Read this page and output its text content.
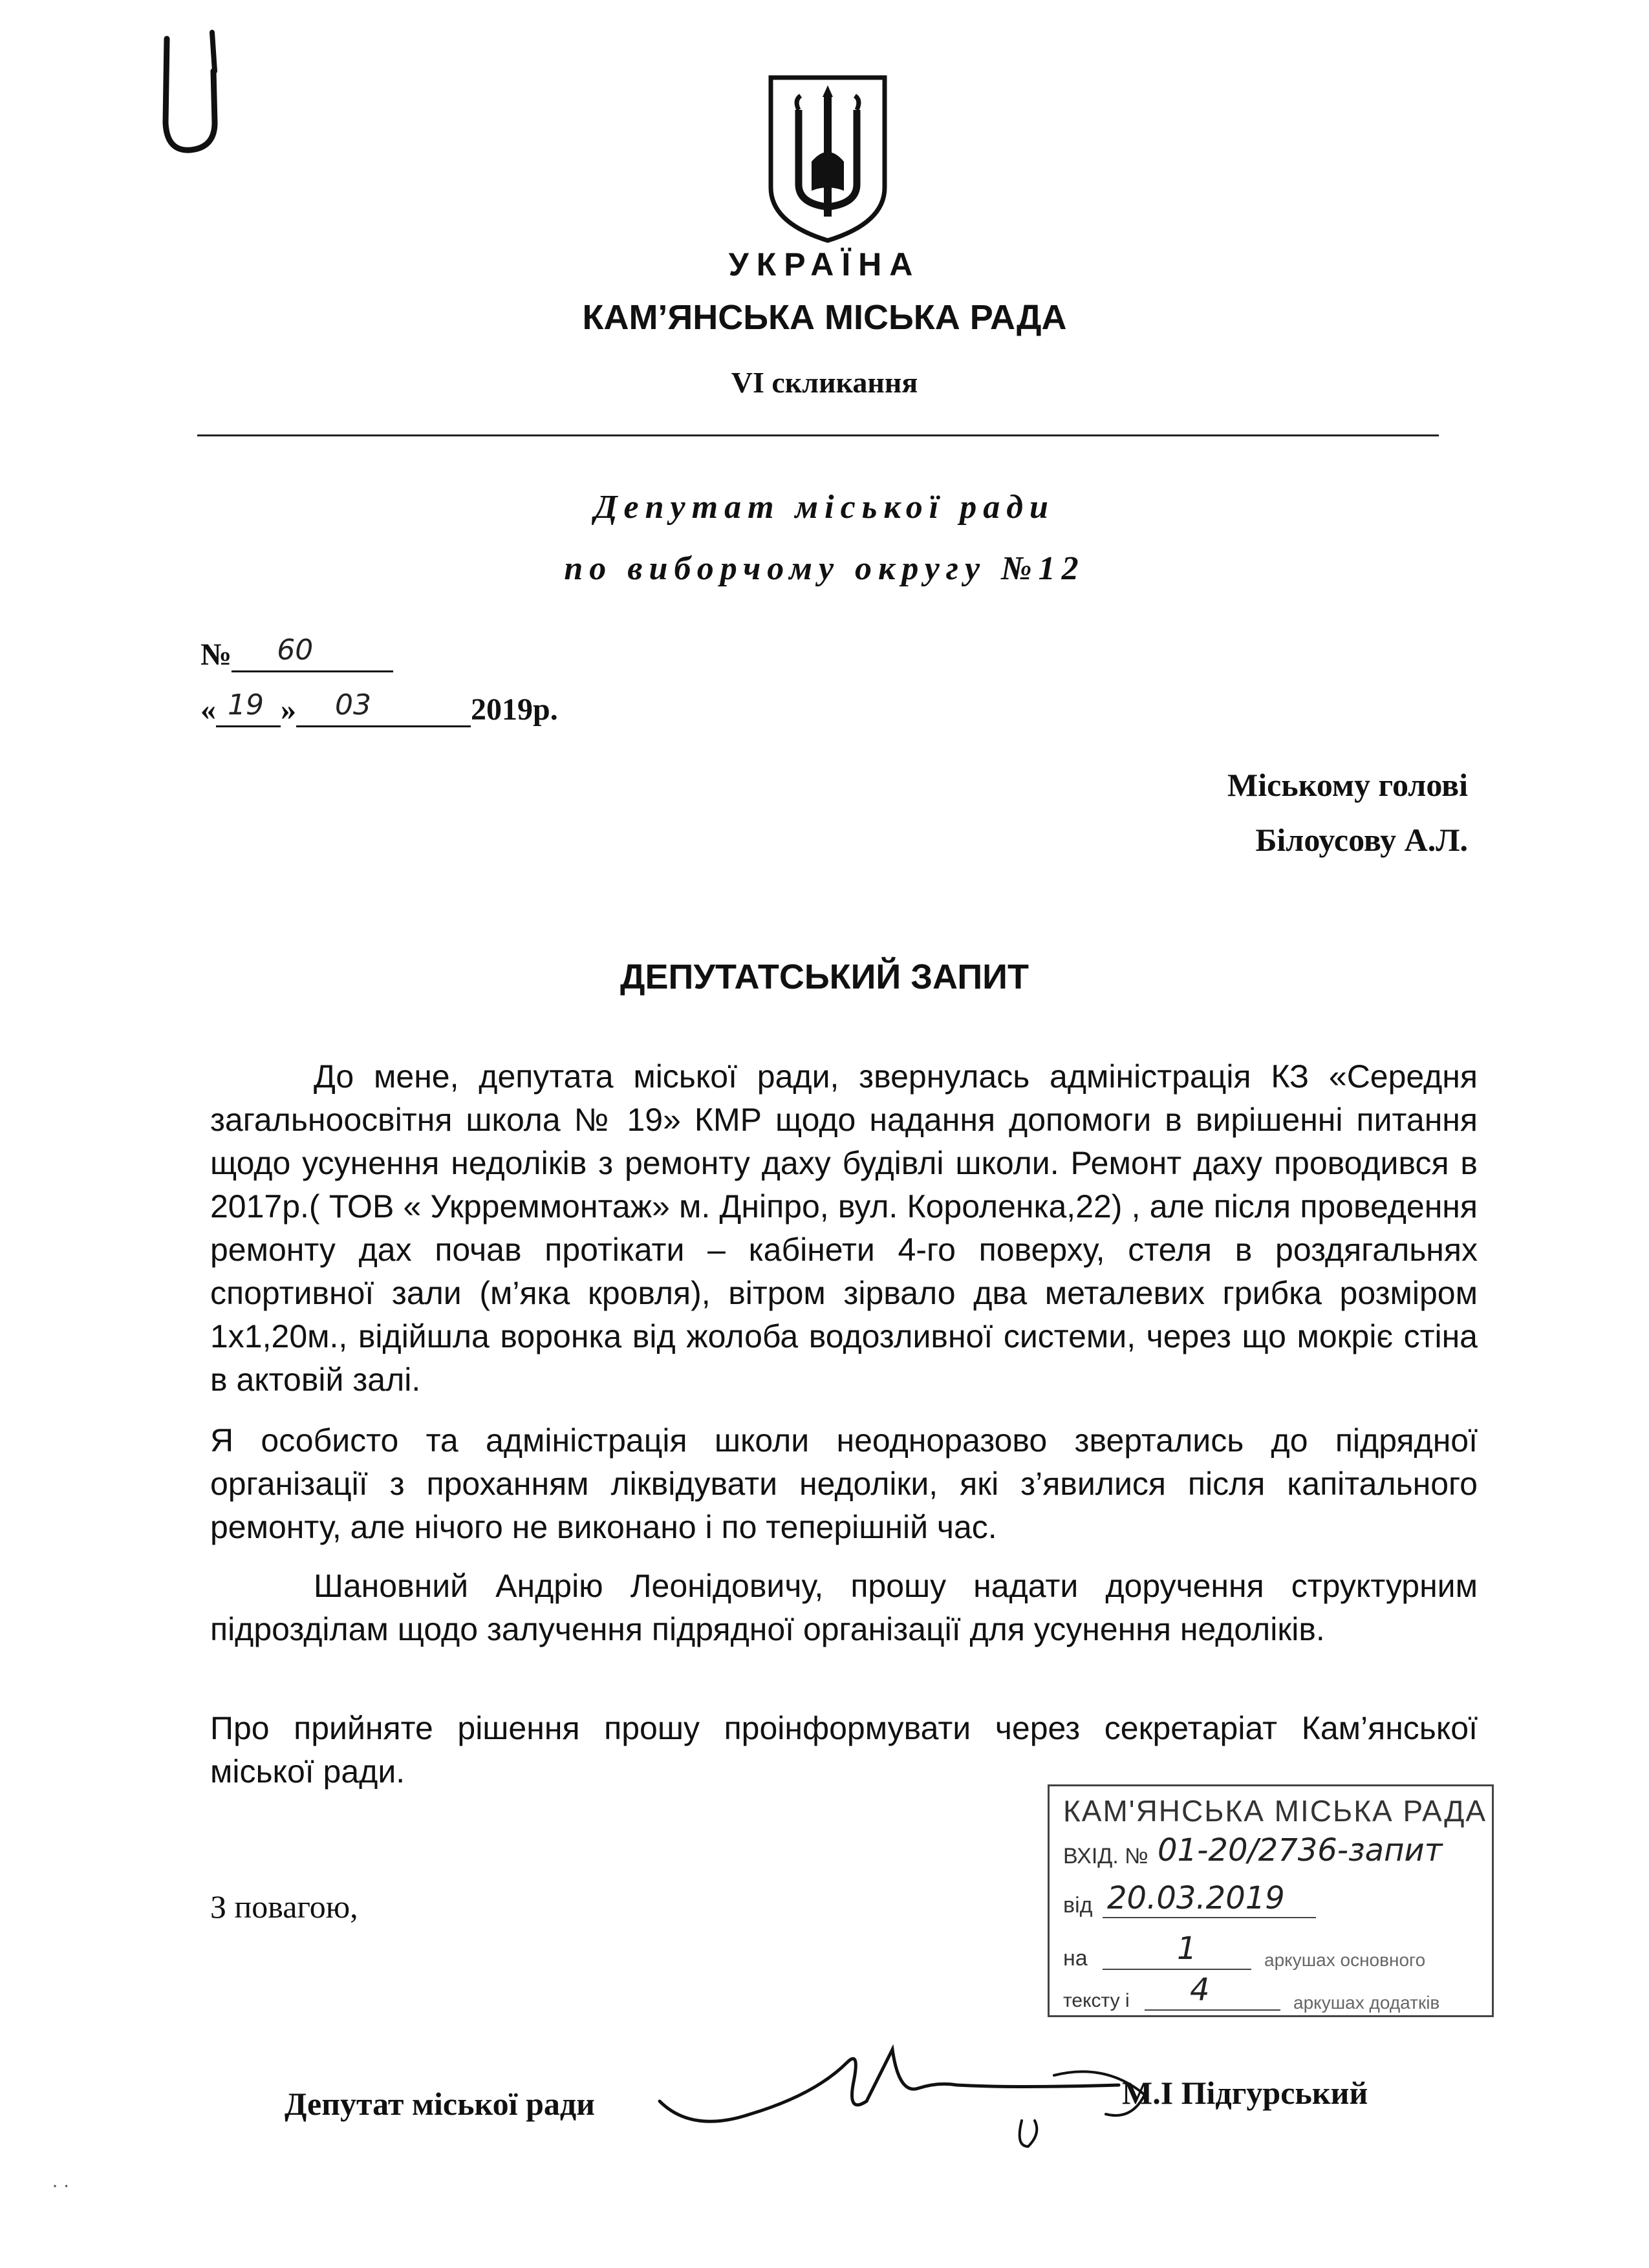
УКРАЇНА
КАМ’ЯНСЬКА МІСЬКА РАДА
VI скликання
Депутат міської ради
по виборчому округу №12
№ 60
« 19 » 03	2019р.
Міському голові
Білоусову А.Л.
ДЕПУТАТСЬКИЙ ЗАПИТ
До мене, депутата міської ради, звернулась адміністрація КЗ «Середня загальноосвітня школа № 19» КМР щодо надання допомоги в вирішенні питання щодо усунення недоліків з ремонту даху будівлі школи. Ремонт даху проводився в 2017р.( ТОВ « Укрреммонтаж» м. Дніпро, вул. Короленка,22) , але після проведення ремонту дах почав протікати – кабінети 4-го поверху, стеля в роздягальнях спортивної зали (м’яка кровля), вітром зірвало два металевих грибка розміром 1х1,20м., відійшла воронка від жолоба водозливної системи, через що мокріє стіна в актовій залі.
Я особисто та адміністрація школи неодноразово звертались до підрядної організації з проханням ліквідувати недоліки, які з’явилися після капітального ремонту, але нічого не виконано і по теперішній час.
Шановний Андрію Леонідовичу, прошу надати доручення структурним підрозділам щодо залучення підрядної організації для усунення недоліків.
Про прийняте рішення прошу проінформувати через секретаріат Кам’янської міської ради.
КАМ'ЯНСЬКА МІСЬКА РАДА
ВХІД. № 01-20/2736-запит
від 20.03.2019
на	1	аркушах основного
тексту і 4	аркушах додатків
З повагою,
Депутат міської ради	М.І Підгурський
· ·
